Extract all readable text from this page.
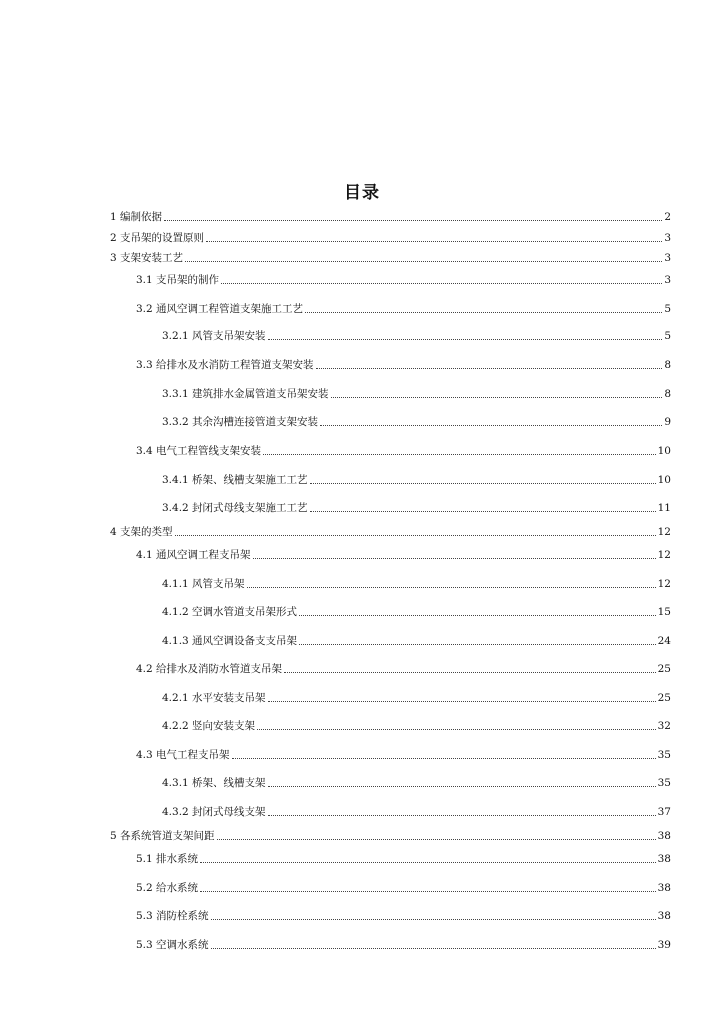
目录
1 编制依据	2
2 支吊架的设置原则	3
3 支架安装工艺	3
3.1 支吊架的制作	3
3.2 通风空调工程管道支架施工工艺	5
3.2.1 风管支吊架安装	5
3.3 给排水及水消防工程管道支架安装	8
3.3.1 建筑排水金属管道支吊架安装	8
3.3.2 其余沟槽连接管道支架安装	9
3.4 电气工程管线支架安装	10
3.4.1 桥架、线槽支架施工工艺	10
3.4.2 封闭式母线支架施工工艺	11
4 支架的类型	12
4.1 通风空调工程支吊架	12
4.1.1 风管支吊架	12
4.1.2 空调水管道支吊架形式	15
4.1.3 通风空调设备支支吊架	24
4.2 给排水及消防水管道支吊架	25
4.2.1 水平安装支吊架	25
4.2.2 竖向安装支架	32
4.3 电气工程支吊架	35
4.3.1 桥架、线槽支架	35
4.3.2 封闭式母线支架	37
5 各系统管道支架间距	38
5.1 排水系统	38
5.2 给水系统	38
5.3 消防栓系统	38
5.3 空调水系统	39
